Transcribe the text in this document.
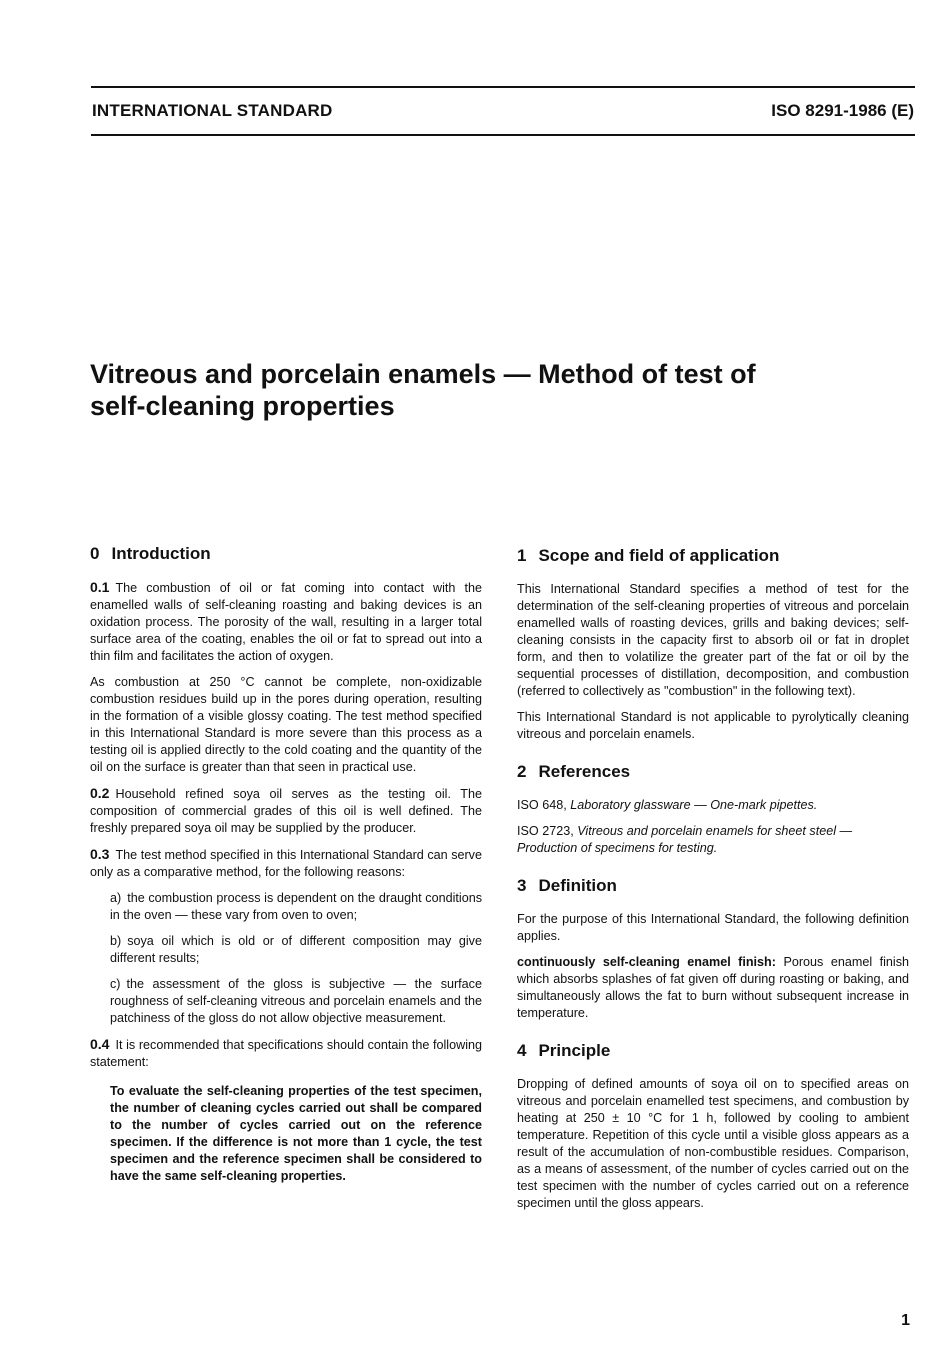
INTERNATIONAL STANDARD	ISO 8291-1986 (E)
Vitreous and porcelain enamels — Method of test of
self-cleaning properties
0 Introduction

0.1 The combustion of oil or fat coming into contact with the enamelled walls of self-cleaning roasting and baking devices is an oxidation process. The porosity of the wall, resulting in a larger total surface area of the coating, enables the oil or fat to spread out into a thin film and facilitates the action of oxygen.

As combustion at 250 °C cannot be complete, non-oxidizable combustion residues build up in the pores during operation, resulting in the formation of a visible glossy coating. The test method specified in this International Standard is more severe than this process as a testing oil is applied directly to the cold coating and the quantity of the oil on the surface is greater than that seen in practical use.

0.2 Household refined soya oil serves as the testing oil. The composition of commercial grades of this oil is well defined. The freshly prepared soya oil may be supplied by the producer.

0.3 The test method specified in this International Standard can serve only as a comparative method, for the following reasons:

a) the combustion process is dependent on the draught conditions in the oven — these vary from oven to oven;
b) soya oil which is old or of different composition may give different results;
c) the assessment of the gloss is subjective — the surface roughness of self-cleaning vitreous and porcelain enamels and the patchiness of the gloss do not allow objective measurement.

0.4 It is recommended that specifications should contain the following statement:

To evaluate the self-cleaning properties of the test specimen, the number of cleaning cycles carried out shall be compared to the number of cycles carried out on the reference specimen. If the difference is not more than 1 cycle, the test specimen and the reference specimen shall be considered to have the same self-cleaning properties.
1 Scope and field of application

This International Standard specifies a method of test for the determination of the self-cleaning properties of vitreous and porcelain enamelled walls of roasting devices, grills and baking devices; self-cleaning consists in the capacity first to absorb oil or fat in droplet form, and then to volatilize the greater part of the fat or oil by the sequential processes of distillation, decomposition, and combustion (referred to collectively as "combustion" in the following text).

This International Standard is not applicable to pyrolytically cleaning vitreous and porcelain enamels.

2 References
ISO 648, Laboratory glassware — One-mark pipettes.
ISO 2723, Vitreous and porcelain enamels for sheet steel — Production of specimens for testing.
3 Definition

For the purpose of this International Standard, the following definition applies.

continuously self-cleaning enamel finish: Porous enamel finish which absorbs splashes of fat given off during roasting or baking, and simultaneously allows the fat to burn without subsequent increase in temperature.

4 Principle

Dropping of defined amounts of soya oil on to specified areas on vitreous and porcelain enamelled test specimens, and combustion by heating at 250 ± 10 °C for 1 h, followed by cooling to ambient temperature. Repetition of this cycle until a visible gloss appears as a result of the accumulation of non-combustible residues. Comparison, as a means of assessment, of the number of cycles carried out on the test specimen with the number of cycles carried out on a reference specimen until the gloss appears.

1
